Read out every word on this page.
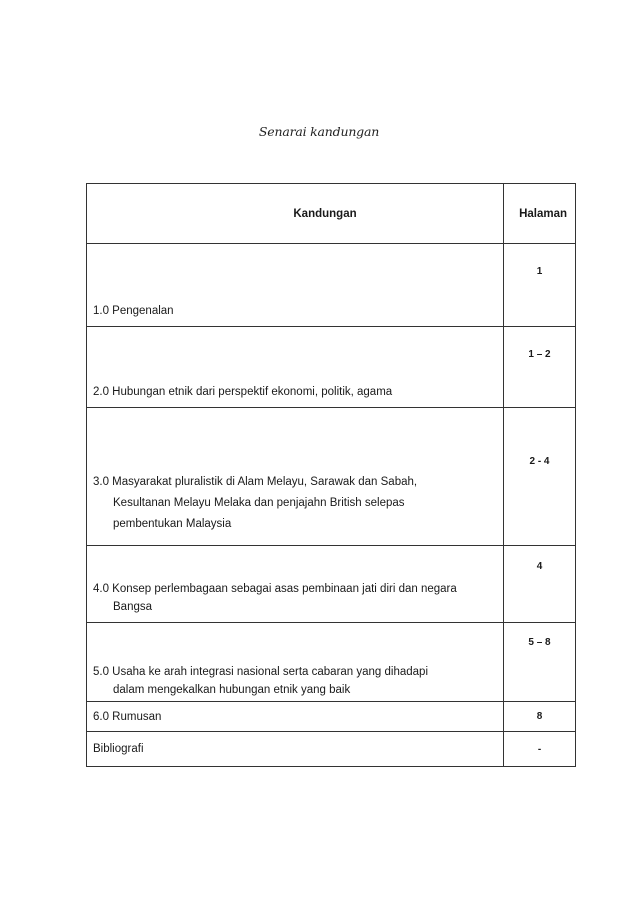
Senarai kandungan
Kandungan	Halaman
1.0 Pengenalan	1
2.0 Hubungan etnik dari perspektif ekonomi, politik, agama	1 – 2

3.0 Masyarakat pluralistik di Alam Melayu, Sarawak dan Sabah,
Kesultanan Melayu Melaka dan penjajahn British selepas
pembentukan Malaysia	2 - 4

4.0 Konsep perlembagaan sebagai asas pembinaan jati diri dan negara
Bangsa	4

5.0 Usaha ke arah integrasi nasional serta cabaran yang dihadapi
dalam mengekalkan hubungan etnik yang baik	5 – 8
6.0 Rumusan	8
Bibliografi	-
